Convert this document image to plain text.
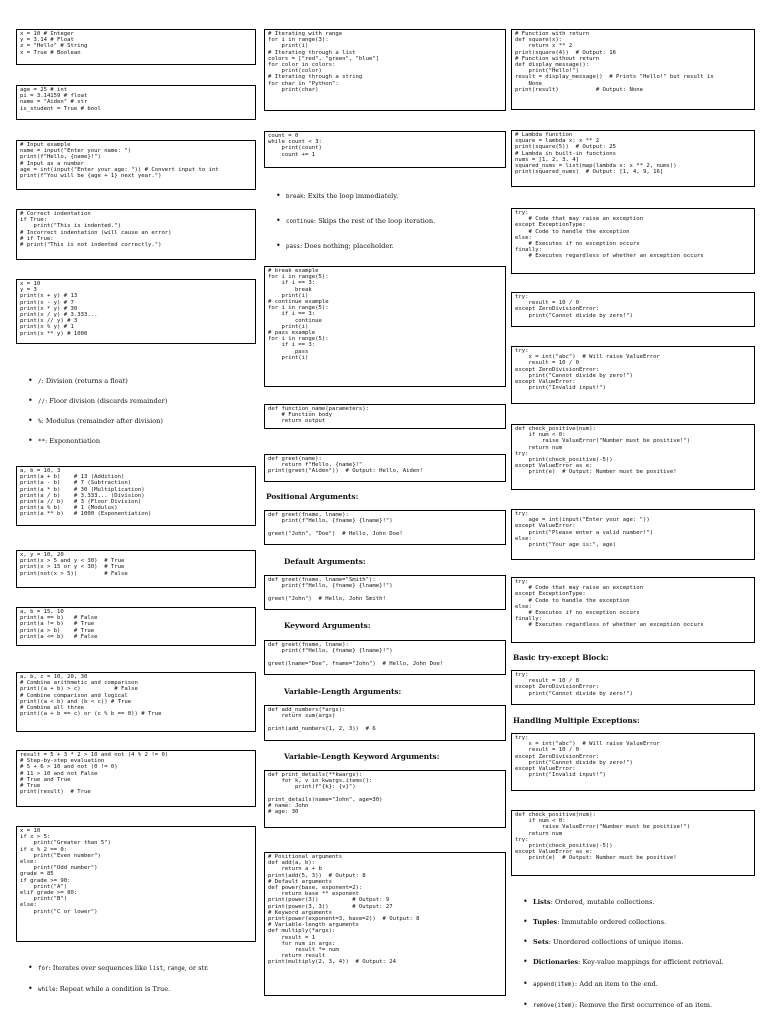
x = 10 # Integer
y = 3.14 # Float
z = "Hello" # String
x = True # Boolean
age = 25 # int
pi = 3.14159 # float
name = "Aiden" # str
is_student = True # bool
# Input example
name = input("Enter your name: ")
print(f"Hello, {name}!")
# Input as a number
age = int(input("Enter your age: ")) # Convert input to int
print(f"You will be {age + 1} next year.")
# Correct indentation
if True:
print("This is indented.")
# Incorrect indentation (will cause an error)
# if True:
# print("This is not indented correctly.")
x = 10
y = 3
print(x + y) # 13
print(x - y) # 7
print(x * y) # 30
print(x / y) # 3.333...
print(x // y) # 3
print(x % y) # 1
print(x ** y) # 1000
• /: Division (returns a float)
• //: Floor division (discards remainder)
• %: Modulus (remainder after division)
• **: Exponentiation
a, b = 10, 3
print(a + b)    # 13 (Addition)
print(a - b)    # 7 (Subtraction)
print(a * b)    # 30 (Multiplication)
print(a / b)    # 3.333... (Division)
print(a // b)   # 3 (Floor Division)
print(a % b)    # 1 (Modulus)
print(a ** b)   # 1000 (Exponentiation)
x, y = 10, 20
print(x > 5 and y < 30)  # True
print(x > 15 or y < 30)  # True
print(not(x > 5))        # False
a, b = 15, 10
print(a == b)   # False
print(a != b)   # True
print(a > b)    # True
print(a <= b)   # False
a, b, c = 10, 20, 30
# Combine arithmetic and comparison
print((a + b) > c)          # False
# Combine comparison and logical
print((a < b) and (b < c)) # True
# Combine all three
print((a + b == c) or (c % b == 0)) # True
result = 5 + 3 * 2 > 10 and not (4 % 2 != 0)
# Step-by-step evaluation
# 5 + 6 > 10 and not (0 != 0)
# 11 > 10 and not False
# True and True
# True
print(result)  # True
x = 10
if x > 5:
print("Greater than 5")
if x % 2 == 0:
print("Even number")
else:
print("Odd number")
grade = 85
if grade >= 90:
print("A")
elif grade >= 80:
print("B")
else:
print("C or lower")
• for: Iterates over sequences like list, range, or str.
• while: Repeat while a condition is True.
# Iterating with range
for i in range(3):
print(i)
# Iterating through a list
colors = ["red", "green", "blue"]
for color in colors:
print(color)
# Iterating through a string
for char in "Python":
print(char)
count = 0
while count < 3:
print(count)
count += 1
• break: Exits the loop immediately.
• continue: Skips the rest of the loop iteration.
• pass: Does nothing; placeholder.
# break example
for i in range(5):
if i == 3:
break
print(i)
# continue example
for i in range(5):
if i == 3:
continue
print(i)
# pass example
for i in range(5):
if i == 3:
pass
print(i)
def function_name(parameters):
# Function body
return output
def greet(name):
return f"Hello, {name}!"
print(greet("Aiden"))  # Output: Hello, Aiden!
Positional Arguments:
def greet(fname, lname):
print(f"Hello, {fname} {lname}!")

greet("John", "Doe")  # Hello, John Doe!
Default Arguments:
def greet(fname, lname="Smith"):
print(f"Hello, {fname} {lname}!")

greet("John")  # Hello, John Smith!
Keyword Arguments:
def greet(fname, lname):
print(f"Hello, {fname} {lname}!")

greet(lname="Doe", fname="John")  # Hello, John Doe!
Variable-Length Arguments:
def add_numbers(*args):
return sum(args)

print(add_numbers(1, 2, 3))  # 6
Variable-Length Keyword Arguments:
def print_details(**kwargs):
for k, v in kwargs.items():
print(f"{k}: {v}")

print_details(name="John", age=30)
# name: John
# age: 30
# Positional arguments
def add(a, b):
return a + b
print(add(5, 3))  # Output: 8
# Default arguments
def power(base, exponent=2):
return base ** exponent
print(power(3))          # Output: 9
print(power(3, 3))       # Output: 27
# Keyword arguments
print(power(exponent=3, base=2))  # Output: 8
# Variable-length arguments
def multiply(*args):
result = 1
for num in args:
result *= num
return result
print(multiply(2, 3, 4))  # Output: 24
# Function with return
def square(x):
return x ** 2
print(square(4))  # Output: 16
# Function without return
def display_message():
print("Hello!")
result = display_message()  # Prints "Hello!" but result is
None
print(result)           # Output: None
# Lambda function
square = lambda x: x ** 2
print(square(5))  # Output: 25
# Lambda in built-in functions
nums = [1, 2, 3, 4]
squared_nums = list(map(lambda x: x ** 2, nums))
print(squared_nums)  # Output: [1, 4, 9, 16]
try:
# Code that may raise an exception
except ExceptionType:
# Code to handle the exception
else:
# Executes if no exception occurs
finally:
# Executes regardless of whether an exception occurs
try:
result = 10 / 0
except ZeroDivisionError:
print("Cannot divide by zero!")
try:
x = int("abc")  # Will raise ValueError
result = 10 / 0
except ZeroDivisionError:
print("Cannot divide by zero!")
except ValueError:
print("Invalid input!")
def check_positive(num):
if num < 0:
raise ValueError("Number must be positive!")
return num
try:
print(check_positive(-5))
except ValueError as e:
print(e)  # Output: Number must be positive!
try:
age = int(input("Enter your age: "))
except ValueError:
print("Please enter a valid number!")
else:
print("Your age is:", age)
try:
# Code that may raise an exception
except ExceptionType:
# Code to handle the exception
else:
# Executes if no exception occurs
finally:
# Executes regardless of whether an exception occurs
Basic try-except Block:
try:
result = 10 / 0
except ZeroDivisionError:
print("Cannot divide by zero!")
Handling Multiple Exceptions:
try:
x = int("abc")  # Will raise ValueError
result = 10 / 0
except ZeroDivisionError:
print("Cannot divide by zero!")
except ValueError:
print("Invalid input!")
def check_positive(num):
if num < 0:
raise ValueError("Number must be positive!")
return num
try:
print(check_positive(-5))
except ValueError as e:
print(e)  # Output: Number must be positive!
• Lists: Ordered, mutable collections.
• Tuples: Immutable ordered collections.
• Sets: Unordered collections of unique items.
• Dictionaries: Key-value mappings for efficient retrieval.
• append(item): Add an item to the end.
• remove(item): Remove the first occurrence of an item.
